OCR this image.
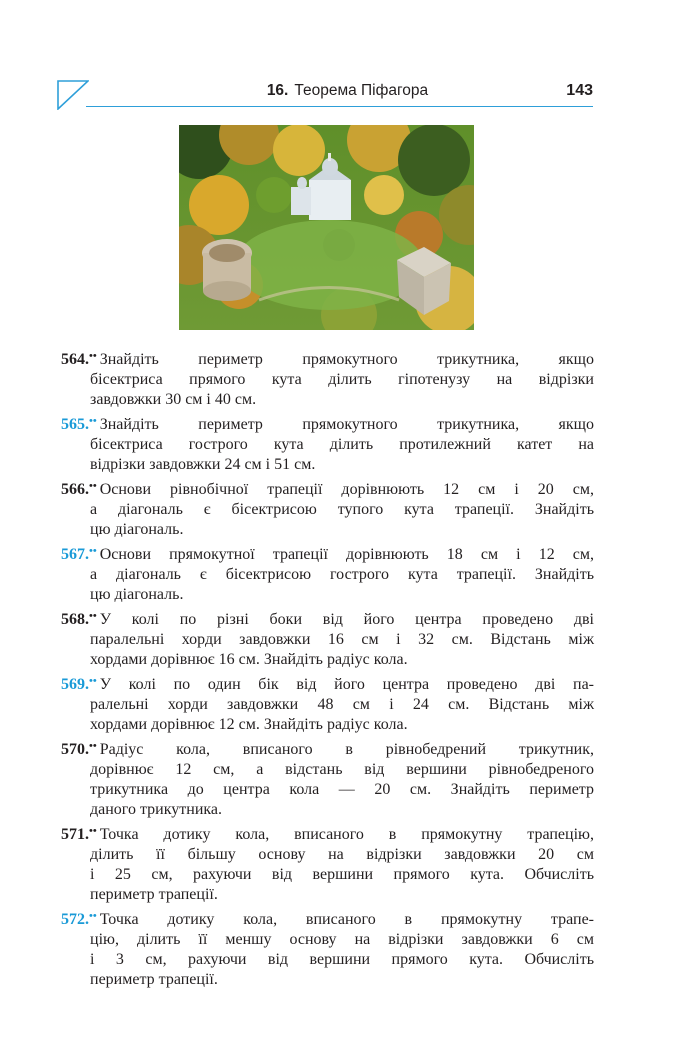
16. Теорема Піфагора	143
564.•• Знайдіть периметр прямокутного трикутника, якщо
бісектриса прямого кута ділить гіпотенузу на відрізки
завдовжки 30 см і 40 см.
565.•• Знайдіть периметр прямокутного трикутника, якщо
бісектриса гострого кута ділить протилежний катет на
відрізки завдовжки 24 см і 51 см.
566.•• Основи рівнобічної трапеції дорівнюють 12 см і 20 см,
а діагональ є бісектрисою тупого кута трапеції. Знайдіть
цю діагональ.
567.•• Основи прямокутної трапеції дорівнюють 18 см і 12 см,
а діагональ є бісектрисою гострого кута трапеції. Знайдіть
цю діагональ.
568.•• У колі по різні боки від його центра проведено дві
паралельні хорди завдовжки 16 см і 32 см. Відстань між
хордами дорівнює 16 см. Знайдіть радіус кола.
569.•• У колі по один бік від його центра проведено дві па-
ралельні хорди завдовжки 48 см і 24 см. Відстань між
хордами дорівнює 12 см. Знайдіть радіус кола.
570.•• Радіус кола, вписаного в рівнобедрений трикутник,
дорівнює 12 см, а відстань від вершини рівнобедреного
трикутника до центра кола — 20 см. Знайдіть периметр
даного трикутника.
571.•• Точка дотику кола, вписаного в прямокутну трапецію,
ділить її більшу основу на відрізки завдовжки 20 см
і 25 см, рахуючи від вершини прямого кута. Обчисліть
периметр трапеції.
572.•• Точка дотику кола, вписаного в прямокутну трапе-
цію, ділить її меншу основу на відрізки завдовжки 6 см
і 3 см, рахуючи від вершини прямого кута. Обчисліть
периметр трапеції.
